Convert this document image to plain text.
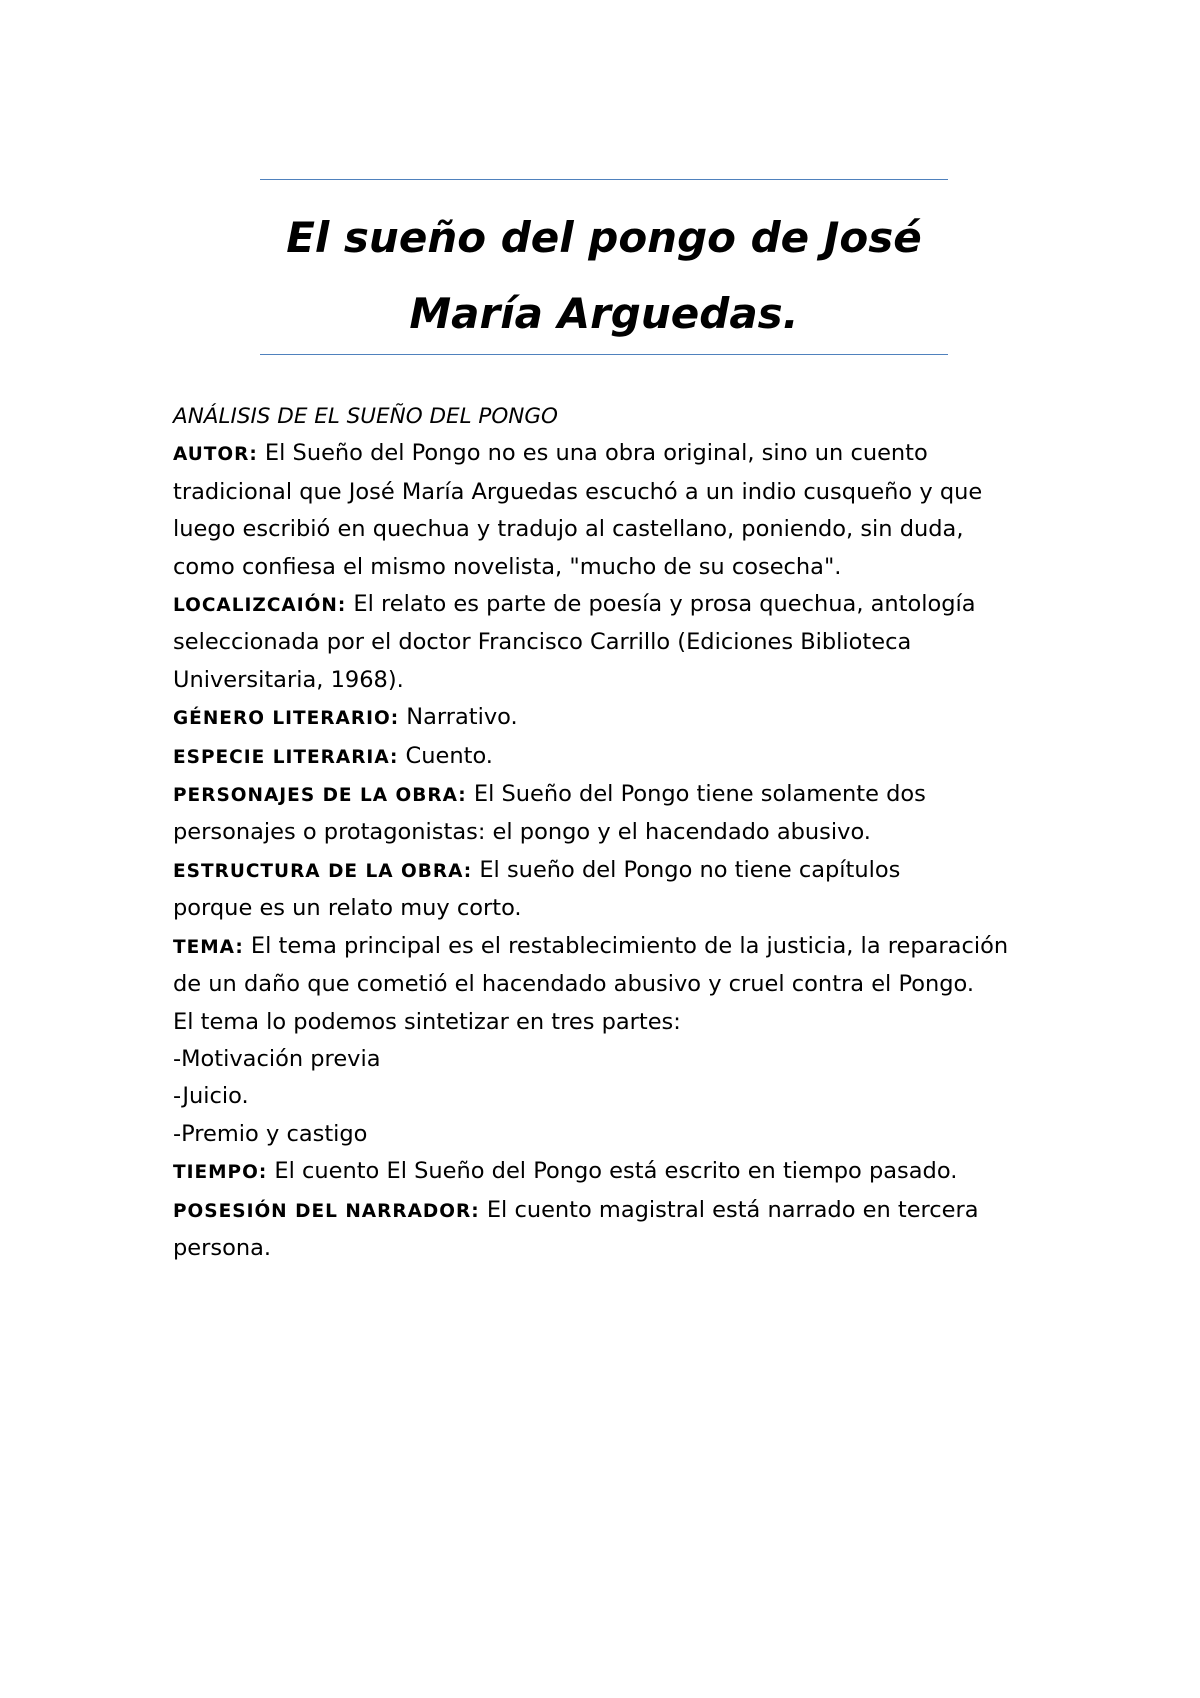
El sueño del pongo de José
María Arguedas.

ANÁLISIS DE EL SUEÑO DEL PONGO

AUTOR: El Sueño del Pongo no es una obra original, sino un cuento
tradicional que José María Arguedas escuchó a un indio cusqueño y que
luego escribió en quechua y tradujo al castellano, poniendo, sin duda,
como confiesa el mismo novelista, "mucho de su cosecha".

LOCALIZCAIÓN: El relato es parte de poesía y prosa quechua, antología
seleccionada por el doctor Francisco Carrillo (Ediciones Biblioteca
Universitaria, 1968).

GÉNERO LITERARIO: Narrativo.

ESPECIE LITERARIA: Cuento.

PERSONAJES DE LA OBRA: El Sueño del Pongo tiene solamente dos
personajes o protagonistas: el pongo y el hacendado abusivo.

ESTRUCTURA DE LA OBRA: El sueño del Pongo no tiene capítulos
porque es un relato muy corto.

TEMA: El tema principal es el restablecimiento de la justicia, la reparación
de un daño que cometió el hacendado abusivo y cruel contra el Pongo.
El tema lo podemos sintetizar en tres partes:
-Motivación previa
-Juicio.
-Premio y castigo

TIEMPO: El cuento El Sueño del Pongo está escrito en tiempo pasado.

POSESIÓN DEL NARRADOR: El cuento magistral está narrado en tercera
persona.
